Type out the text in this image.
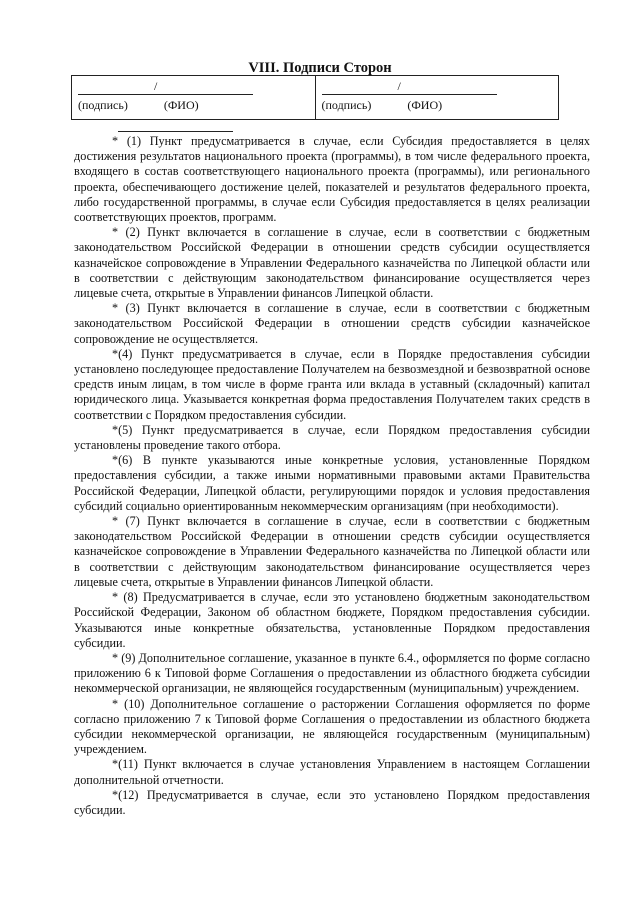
VIII. Подписи Сторон
/
(подпись)	(ФИО)
/
(подпись)	(ФИО)

* (1) Пункт предусматривается в случае, если Субсидия предоставляется в целях достижения результатов национального проекта (программы), в том числе федерального проекта, входящего в состав соответствующего национального проекта (программы), или регионального проекта, обеспечивающего достижение целей, показателей и результатов федерального проекта, либо государственной программы, в случае если Субсидия предоставляется в целях реализации соответствующих проектов, программ.

* (2) Пункт включается в соглашение в случае, если в соответствии с бюджетным законодательством Российской Федерации в отношении средств субсидии осуществляется казначейское сопровождение в Управлении Федерального казначейства по Липецкой области или в соответствии с действующим законодательством финансирование осуществляется через лицевые счета, открытые в Управлении финансов Липецкой области.

* (3) Пункт включается в соглашение в случае, если в соответствии с бюджетным законодательством Российской Федерации в отношении средств субсидии казначейское сопровождение не осуществляется.

*(4) Пункт предусматривается в случае, если в Порядке предоставления субсидии установлено последующее предоставление Получателем на безвозмездной и безвозвратной основе средств иным лицам, в том числе в форме гранта или вклада в уставный (складочный) капитал юридического лица. Указывается конкретная форма предоставления Получателем таких средств в соответствии с Порядком предоставления субсидии.

*(5) Пункт предусматривается в случае, если Порядком предоставления субсидии установлены проведение такого отбора.

*(6) В пункте указываются иные конкретные условия, установленные Порядком предоставления субсидии, а также иными нормативными правовыми актами Правительства Российской Федерации, Липецкой области, регулирующими порядок и условия предоставления субсидий социально ориентированным некоммерческим организациям (при необходимости).

* (7) Пункт включается в соглашение в случае, если в соответствии с бюджетным законодательством Российской Федерации в отношении средств субсидии осуществляется казначейское сопровождение в Управлении Федерального казначейства по Липецкой области или в соответствии с действующим законодательством финансирование осуществляется через лицевые счета, открытые в Управлении финансов Липецкой области.

* (8) Предусматривается в случае, если это установлено бюджетным законодательством Российской Федерации, Законом об областном бюджете, Порядком предоставления субсидии. Указываются иные конкретные обязательства, установленные Порядком предоставления субсидии.

* (9) Дополнительное соглашение, указанное в пункте 6.4., оформляется по форме согласно приложению 6 к Типовой форме Соглашения о предоставлении из областного бюджета субсидии некоммерческой организации, не являющейся государственным (муниципальным) учреждением.

* (10) Дополнительное соглашение о расторжении Соглашения оформляется по форме согласно приложению 7 к Типовой форме Соглашения о предоставлении из областного бюджета субсидии некоммерческой организации, не являющейся государственным (муниципальным) учреждением.

*(11) Пункт включается в случае установления Управлением в настоящем Соглашении дополнительной отчетности.

*(12) Предусматривается в случае, если это установлено Порядком предоставления субсидии.
